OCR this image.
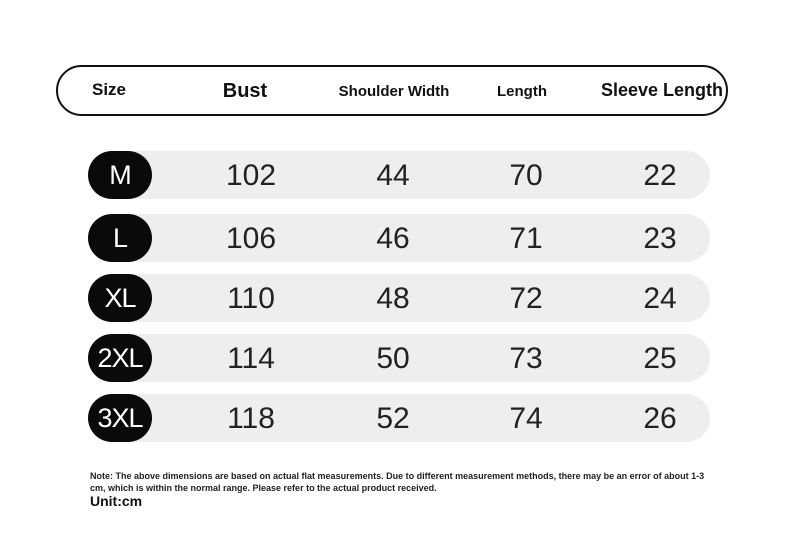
Size	Bust	Shoulder Width	Length	Sleeve Length
M	102	44	70	22
L	106	46	71	23
XL	110	48	72	24
2XL	114	50	73	25
3XL	118	52	74	26
Note: The above dimensions are based on actual flat measurements. Due to different measurement methods, there may be an error of about 1-3 cm, which is within the normal range. Please refer to the actual product received.
Unit:cm
